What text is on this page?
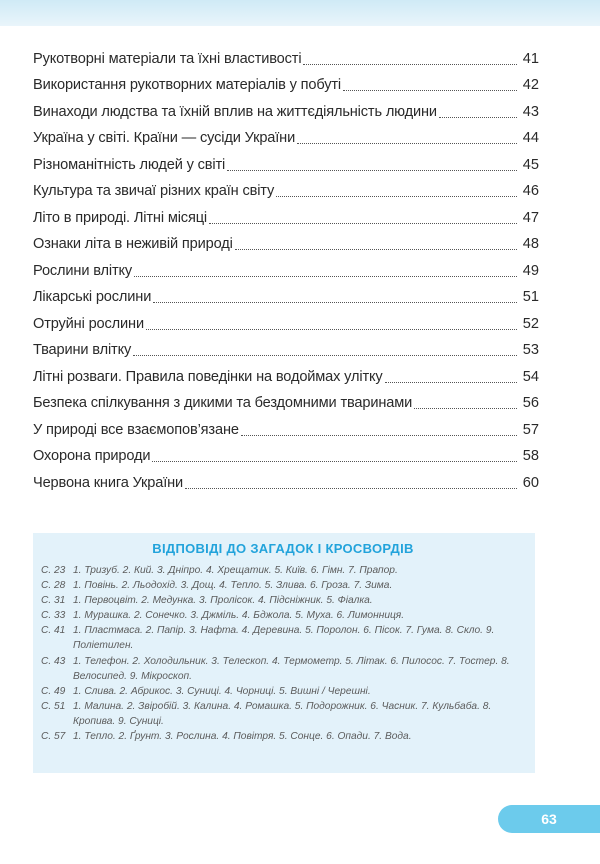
Рукотворні матеріали та їхні властивості	41
Використання рукотворних матеріалів у побуті	42
Винаходи людства та їхній вплив на життєдіяльність людини	43
Україна у світі. Країни — сусіди України	44
Різноманітність людей у світі	45
Культура та звичаї різних країн світу	46
Літо в природі. Літні місяці	47
Ознаки літа в неживій природі	48
Рослини влітку	49
Лікарські рослини	51
Отруйні рослини	52
Тварини влітку	53
Літні розваги. Правила поведінки на водоймах улітку	54
Безпека спілкування з дикими та бездомними тваринами	56
У природі все взаємопов’язане	57
Охорона природи	58
Червона книга України	60
ВІДПОВІДІ ДО ЗАГАДОК І КРОСВОРДІВ
С. 23 1. Тризуб. 2. Кий. 3. Дніпро. 4. Хрещатик. 5. Київ. 6. Гімн. 7. Прапор.
С. 28 1. Повінь. 2. Льодохід. 3. Дощ. 4. Тепло. 5. Злива. 6. Гроза. 7. Зима.
С. 31 1. Первоцвіт. 2. Медунка. 3. Пролісок. 4. Підсніжник. 5. Фіалка.
С. 33 1. Мурашка. 2. Сонечко. 3. Джміль. 4. Бджола. 5. Муха. 6. Лимонниця.
С. 41 1. Пластмаса. 2. Папір. 3. Нафта. 4. Деревина. 5. Поролон. 6. Пісок. 7. Гума. 8. Скло. 9. Поліетилен.
С. 43 1. Телефон. 2. Холодильник. 3. Телескоп. 4. Термометр. 5. Літак. 6. Пилосос. 7. Тостер. 8. Велосипед. 9. Мікроскоп.
С. 49 1. Слива. 2. Абрикос. 3. Суниці. 4. Чорниці. 5. Вишні / Черешні.
С. 51 1. Малина. 2. Звіробій. 3. Калина. 4. Ромашка. 5. Подорожник. 6. Часник. 7. Кульбаба. 8. Кропива. 9. Суниці.
С. 57 1. Тепло. 2. Ґрунт. 3. Рослина. 4. Повітря. 5. Сонце. 6. Опади. 7. Вода.
63
